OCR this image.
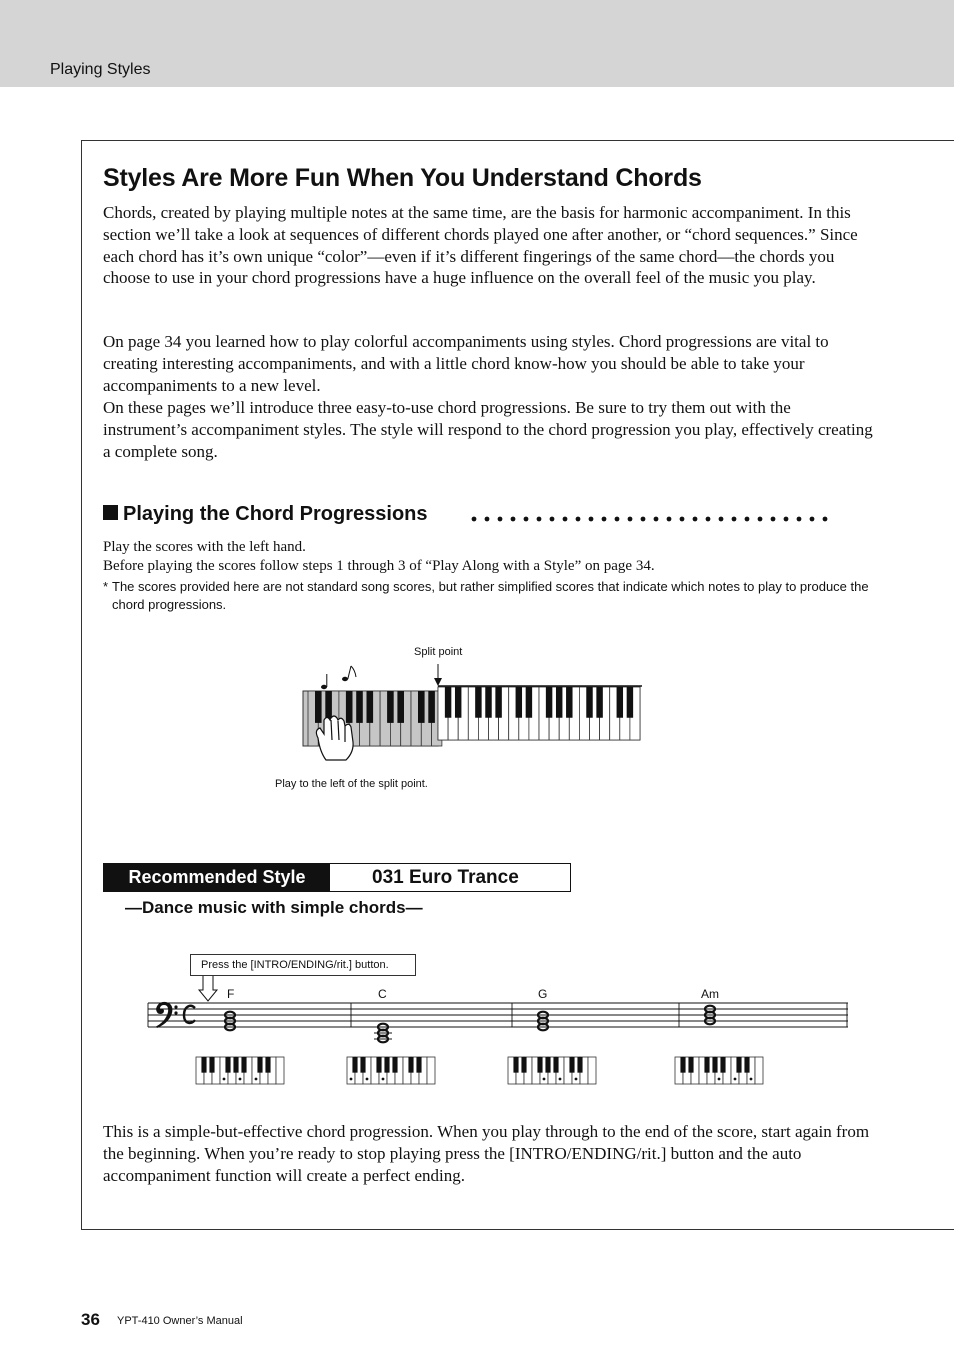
Playing Styles
Styles Are More Fun When You Understand Chords

Chords, created by playing multiple notes at the same time, are the basis for harmonic accompaniment. In this section we’ll take a look at sequences of different chords played one after another, or “chord sequences.” Since each chord has it’s own unique “color”—even if it’s different fingerings of the same chord—the chords you choose to use in your chord progressions have a huge influence on the overall feel of the music you play.

On page 34 you learned how to play colorful accompaniments using styles. Chord progressions are vital to creating interesting accompaniments, and with a little chord know-how you should be able to take your accompaniments to a new level.

On these pages we’ll introduce three easy-to-use chord progressions. Be sure to try them out with the instrument’s accompaniment styles. The style will respond to the chord progression you play, effectively creating a complete song.

Playing the Chord Progressions

Play the scores with the left hand.

Before playing the scores follow steps 1 through 3 of “Play Along with a Style” on page 34.

* The scores provided here are not standard song scores, but rather simplified scores that indicate which notes to play to produce the chord progressions.

Split point
Play to the left of the split point.
Recommended Style	031 Euro Trance
—Dance music with simple chords—
Press the [INTRO/ENDING/rit.] button.
F	C	G	Am

This is a simple-but-effective chord progression. When you play through to the end of the score, start again from the beginning. When you’re ready to stop playing press the [INTRO/ENDING/rit.] button and the auto accompaniment function will create a perfect ending.

36 YPT-410 Owner’s Manual
